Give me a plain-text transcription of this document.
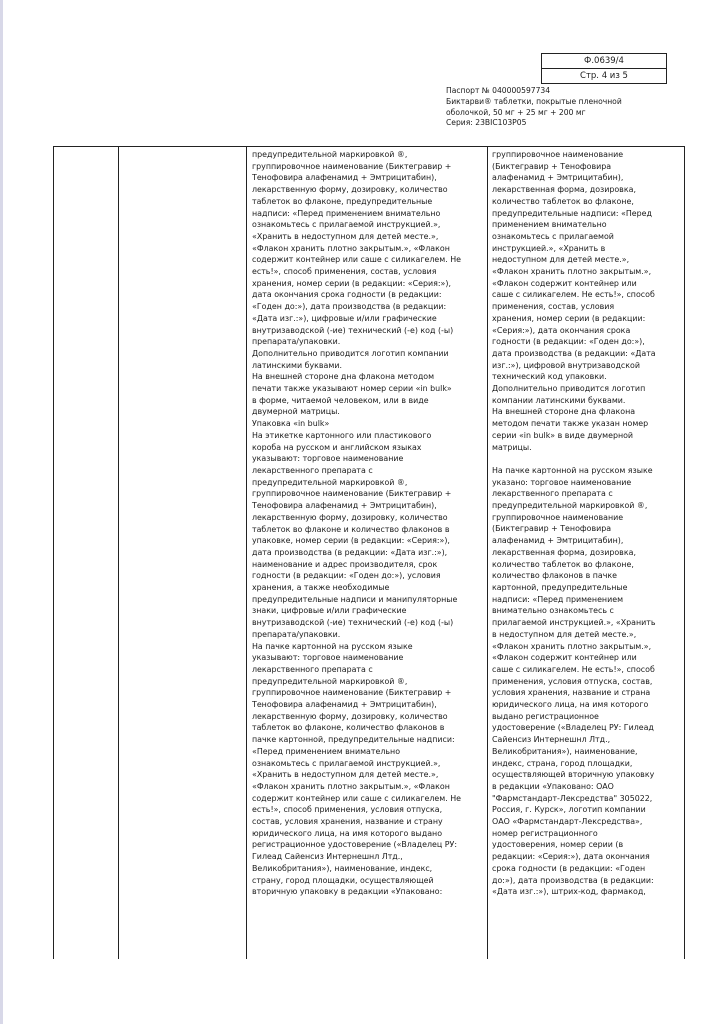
Ф.0639/4
Стр. 4 из 5

Паспорт № 040000597734

Биктарви® таблетки, покрытые пленочной

оболочкой, 50 мг + 25 мг + 200 мг

Серия: 23BIC103P05

предупредительной маркировкой ®,

группировочное наименование (Биктегравир +

Тенофовира алафенамид + Эмтрицитабин),

лекарственную форму, дозировку, количество

таблеток во флаконе, предупредительные

надписи: «Перед применением внимательно

ознакомьтесь с прилагаемой инструкцией.»,

«Хранить в недоступном для детей месте.»,

«Флакон хранить плотно закрытым.», «Флакон

содержит контейнер или саше с силикагелем. Не

есть!», способ применения, состав, условия

хранения, номер серии (в редакции: «Серия:»),

дата окончания срока годности (в редакции:

«Годен до:»), дата производства (в редакции:

«Дата изг.:»), цифровые и/или графические

внутризаводской (-ие) технический (-е) код (-ы)

препарата/упаковки.

Дополнительно приводится логотип компании

латинскими буквами.

На внешней стороне дна флакона методом

печати также указывают номер серии «in bulk»

в форме, читаемой человеком, или в виде

двумерной матрицы.

Упаковка «in bulk»

На этикетке картонного или пластикового

короба на русском и английском языках

указывают: торговое наименование

лекарственного препарата с

предупредительной маркировкой ®,

группировочное наименование (Биктегравир +

Тенофовира алафенамид + Эмтрицитабин),

лекарственную форму, дозировку, количество

таблеток во флаконе и количество флаконов в

упаковке, номер серии (в редакции: «Серия:»),

дата производства (в редакции: «Дата изг.:»),

наименование и адрес производителя, срок

годности (в редакции: «Годен до:»), условия

хранения, а также необходимые

предупредительные надписи и манипуляторные

знаки, цифровые и/или графические

внутризаводской (-ие) технический (-е) код (-ы)

препарата/упаковки.

На пачке картонной на русском языке

указывают: торговое наименование

лекарственного препарата с

предупредительной маркировкой ®,

группировочное наименование (Биктегравир +

Тенофовира алафенамид + Эмтрицитабин),

лекарственную форму, дозировку, количество

таблеток во флаконе, количество флаконов в

пачке картонной, предупредительные надписи:

«Перед применением внимательно

ознакомьтесь с прилагаемой инструкцией.»,

«Хранить в недоступном для детей месте.»,

«Флакон хранить плотно закрытым.», «Флакон

содержит контейнер или саше с силикагелем. Не

есть!», способ применения, условия отпуска,

состав, условия хранения, название и страну

юридического лица, на имя которого выдано

регистрационное удостоверение («Владелец РУ:

Гилеад Сайенсиз Интернешнл Лтд.,

Великобритания»), наименование, индекс,

страну, город площадки, осуществляющей

вторичную упаковку в редакции «Упаковано:

группировочное наименование

(Биктегравир + Тенофовира

алафенамид + Эмтрицитабин),

лекарственная форма, дозировка,

количество таблеток во флаконе,

предупредительные надписи: «Перед

применением внимательно

ознакомьтесь с прилагаемой

инструкцией.», «Хранить в

недоступном для детей месте.»,

«Флакон хранить плотно закрытым.»,

«Флакон содержит контейнер или

саше с силикагелем. Не есть!», способ

применения, состав, условия

хранения, номер серии (в редакции:

«Серия:»), дата окончания срока

годности (в редакции: «Годен до:»),

дата производства (в редакции: «Дата

изг.:»), цифровой внутризаводской

технический код упаковки.

Дополнительно приводится логотип

компании латинскими буквами.

На внешней стороне дна флакона

методом печати также указан номер

серии «in bulk» в виде двумерной

матрицы.

На пачке картонной на русском языке

указано: торговое наименование

лекарственного препарата с

предупредительной маркировкой ®,

группировочное наименование

(Биктегравир + Тенофовира

алафенамид + Эмтрицитабин),

лекарственная форма, дозировка,

количество таблеток во флаконе,

количество флаконов в пачке

картонной, предупредительные

надписи: «Перед применением

внимательно ознакомьтесь с

прилагаемой инструкцией.», «Хранить

в недоступном для детей месте.»,

«Флакон хранить плотно закрытым.»,

«Флакон содержит контейнер или

саше с силикагелем. Не есть!», способ

применения, условия отпуска, состав,

условия хранения, название и страна

юридического лица, на имя которого

выдано регистрационное

удостоверение («Владелец РУ: Гилеад

Сайенсиз Интернешнл Лтд.,

Великобритания»), наименование,

индекс, страна, город площадки,

осуществляющей вторичную упаковку

в редакции «Упаковано: ОАО

"Фармстандарт-Лексредства" 305022,

Россия, г. Курск», логотип компании

ОАО «Фармстандарт-Лексредства»,

номер регистрационного

удостоверения, номер серии (в

редакции: «Серия:»), дата окончания

срока годности (в редакции: «Годен

до:»), дата производства (в редакции:

«Дата изг.:»), штрих-код, фармакод,
